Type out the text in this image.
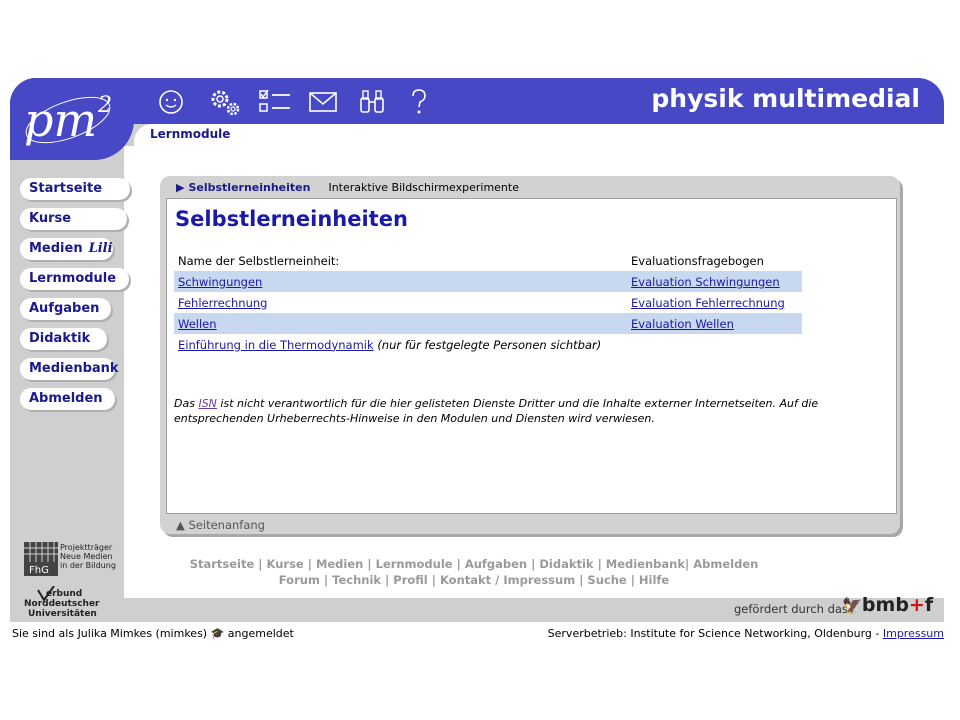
pm 2	physik multimedial
Lernmodule
Startseite
Kurse
Medien Lili
Lernmodule
Aufgaben
Didaktik
Medienbank
Abmelden
▶ Selbstlerneinheiten Interaktive Bildschirmexperimente
Selbstlerneinheiten
Name der Selbstlerneinheit:	Evaluationsfragebogen
Schwingungen	Evaluation Schwingungen
Fehlerrechnung	Evaluation Fehlerrechnung
Wellen	Evaluation Wellen
Einführung in die Thermodynamik (nur für festgelegte Personen sichtbar)	
Das ISN ist nicht verantwortlich für die hier gelisteten Dienste Dritter und die Inhalte externer Internetseiten. Auf die entsprechenden Urheberrechts-Hinweise in den Modulen und Diensten wird verwiesen.
▲ Seitenanfang
Startseite | Kurse | Medien | Lernmodule | Aufgaben | Didaktik | Medienbank| Abmelden
Forum | Technik | Profil | Kontakt / Impressum | Suche | Hilfe
FhG
Projektträger
Neue Medien
in der Bildung
erbund
Norddeutscher
Universitäten	gefördert durch das
🦅bmb+f
Sie sind als Julika Mimkes (mimkes) 🎓 angemeldet	Serverbetrieb: Institute for Science Networking, Oldenburg - Impressum
